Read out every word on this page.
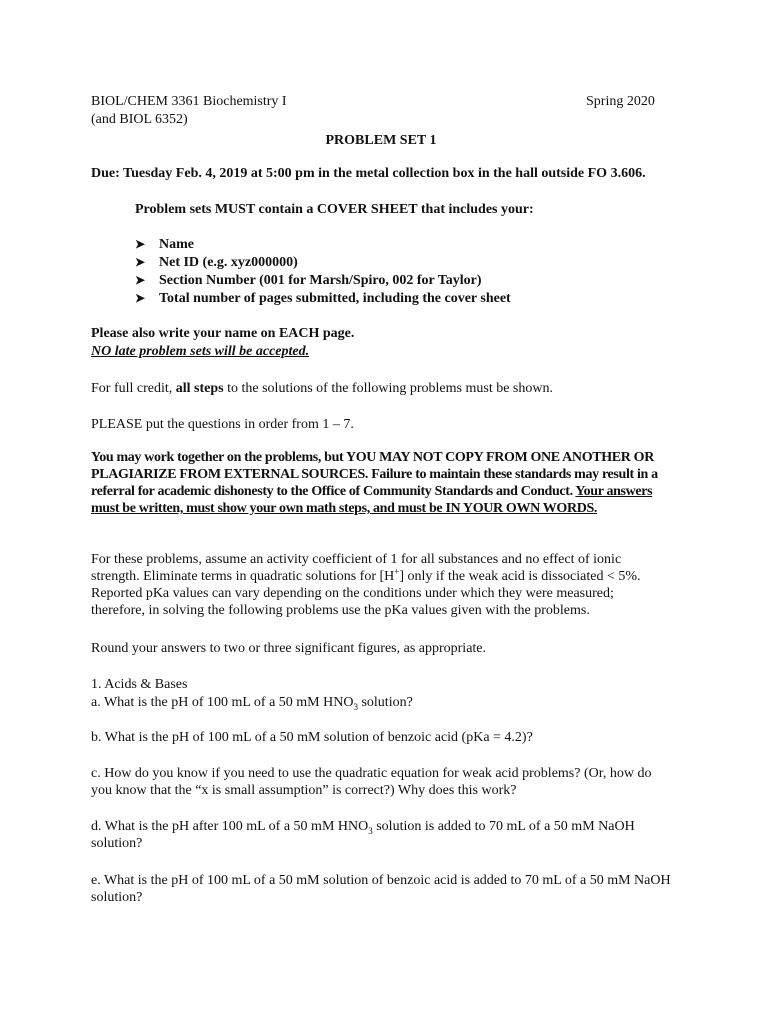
BIOL/CHEM 3361 Biochemistry I	Spring 2020

(and BIOL 6352)

PROBLEM SET 1

Due: Tuesday Feb. 4, 2019 at 5:00 pm in the metal collection box in the hall outside FO 3.606.

Problem sets MUST contain a COVER SHEET that includes your:

➤ Name
➤ Net ID (e.g. xyz000000)
➤ Section Number (001 for Marsh/Spiro, 002 for Taylor)
➤ Total number of pages submitted, including the cover sheet

Please also write your name on EACH page.

NO late problem sets will be accepted.

For full credit, all steps to the solutions of the following problems must be shown.

PLEASE put the questions in order from 1 – 7.

You may work together on the problems, but YOU MAY NOT COPY FROM ONE ANOTHER OR PLAGIARIZE FROM EXTERNAL SOURCES. Failure to maintain these standards may result in a referral for academic dishonesty to the Office of Community Standards and Conduct. Your answers must be written, must show your own math steps, and must be IN YOUR OWN WORDS.

For these problems, assume an activity coefficient of 1 for all substances and no effect of ionic strength. Eliminate terms in quadratic solutions for [H+] only if the weak acid is dissociated < 5%. Reported pKa values can vary depending on the conditions under which they were measured; therefore, in solving the following problems use the pKa values given with the problems.

Round your answers to two or three significant figures, as appropriate.

1. Acids & Bases

a. What is the pH of 100 mL of a 50 mM $HNO_3$ solution?

b. What is the pH of 100 mL of a 50 mM solution of benzoic acid (pKa = 4.2)?

c. How do you know if you need to use the quadratic equation for weak acid problems? (Or, how do you know that the “x is small assumption” is correct?) Why does this work?

d. What is the pH after 100 mL of a 50 mM $HNO_3$ solution is added to 70 mL of a 50 mM NaOH solution?

e. What is the pH of 100 mL of a 50 mM solution of benzoic acid is added to 70 mL of a 50 mM NaOH solution?
